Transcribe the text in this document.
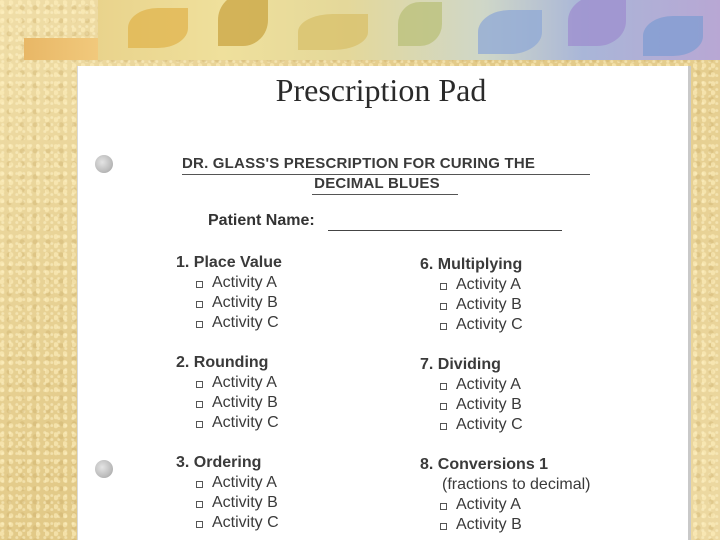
Prescription Pad
DR. GLASS'S PRESCRIPTION FOR CURING THE
DECIMAL BLUES
Patient Name:
1. Place Value
Activity A
Activity B
Activity C
2. Rounding
Activity A
Activity B
Activity C
3. Ordering
Activity A
Activity B
Activity C
6. Multiplying
Activity A
Activity B
Activity C
7. Dividing
Activity A
Activity B
Activity C
8. Conversions 1
(fractions to decimal)
Activity A
Activity B
